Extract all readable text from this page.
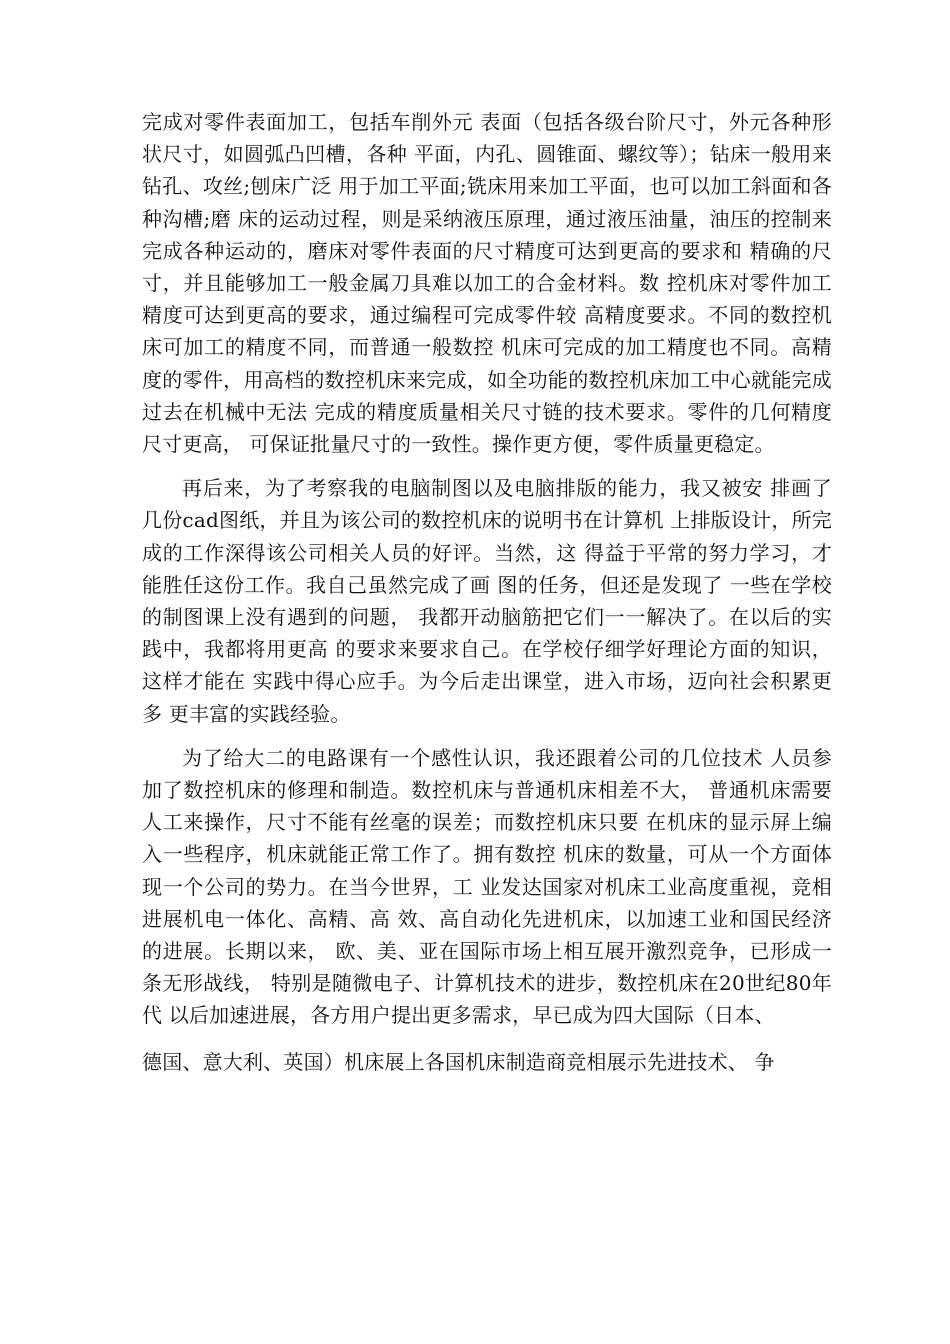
完成对零件表面加工，包括车削外元 表面（包括各级台阶尺寸，外元各种形状尺寸，如圆弧凸凹槽，各种 平面，内孔、圆锥面、螺纹等）；钻床一般用来钻孔、攻丝;刨床广泛 用于加工平面;铣床用来加工平面，也可以加工斜面和各种沟槽;磨 床的运动过程，则是采纳液压原理，通过液压油量，油压的控制来 完成各种运动的，磨床对零件表面的尺寸精度可达到更高的要求和 精确的尺寸，并且能够加工一般金属刀具难以加工的合金材料。数 控机床对零件加工精度可达到更高的要求，通过编程可完成零件较 高精度要求。不同的数控机床可加工的精度不同，而普通一般数控 机床可完成的加工精度也不同。高精度的零件，用高档的数控机床来完成，如全功能的数控机床加工中心就能完成过去在机械中无法 完成的精度质量相关尺寸链的技术要求。零件的几何精度尺寸更高， 可保证批量尺寸的一致性。操作更方便，零件质量更稳定。

再后来，为了考察我的电脑制图以及电脑排版的能力，我又被安 排画了几份cad图纸，并且为该公司的数控机床的说明书在计算机 上排版设计，所完成的工作深得该公司相关人员的好评。当然，这 得益于平常的努力学习，才能胜任这份工作。我自己虽然完成了画 图的任务，但还是发现了 一些在学校的制图课上没有遇到的问题， 我都开动脑筋把它们一一解决了。在以后的实践中，我都将用更高 的要求来要求自己。在学校仔细学好理论方面的知识，这样才能在 实践中得心应手。为今后走出课堂，进入市场，迈向社会积累更多 更丰富的实践经验。

为了给大二的电路课有一个感性认识，我还跟着公司的几位技术 人员参加了数控机床的修理和制造。数控机床与普通机床相差不大， 普通机床需要人工来操作，尺寸不能有丝毫的误差；而数控机床只要 在机床的显示屏上编入一些程序，机床就能正常工作了。拥有数控 机床的数量，可从一个方面体现一个公司的势力。在当今世界，工 业发达国家对机床工业高度重视，竞相进展机电一体化、高精、高 效、高自动化先进机床，以加速工业和国民经济的进展。长期以来， 欧、美、亚在国际市场上相互展开激烈竞争，已形成一条无形战线， 特别是随微电子、计算机技术的进步，数控机床在20世纪80年代 以后加速进展，各方用户提出更多需求，早已成为四大国际（日本、

德国、意大利、英国）机床展上各国机床制造商竞相展示先进技术、 争
